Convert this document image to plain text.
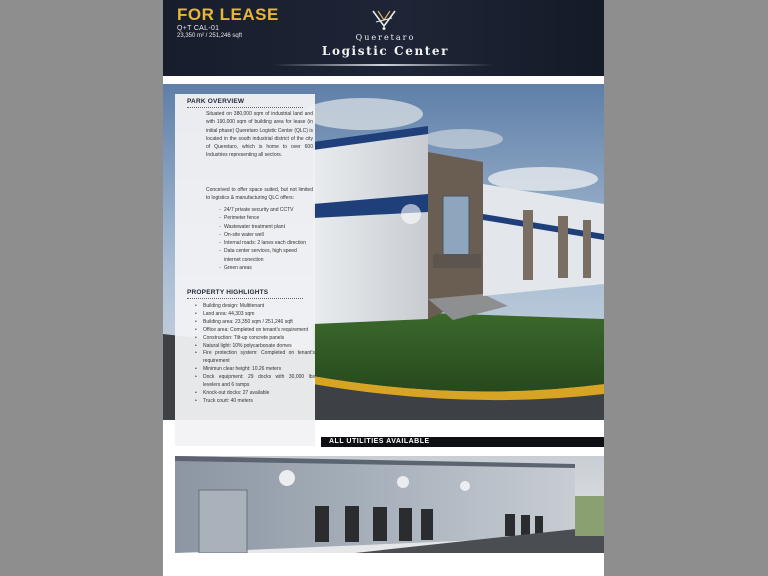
FOR LEASE
Q+T CAL-01
23,350 m² / 251,246 sqft	Queretaro
Logistic Center
PARK OVERVIEW
Situated on 380,000 sqm of industrial land and with 190,000 sqm of building area for lease (in initial phase) Queretaro Logistic Center (QLC) is located in the south industrial district of the city of Queretaro, which is home to over 600 Industries representing all sectors.
Conceived to offer space suited, but not limited to logistics & manufacturing QLC offers:
- 24/7 private security and CCTV
- Perimeter fence
- Wastewater treatment plant
- On-site water well
- Internal roads: 2 lanes each direction
- Data center services, high speed internet conection
- Green areas
PROPERTY HIGHLIGHTS
• Building design: Multitenant
• Land area: 44,303 sqm
• Building area: 23,350 sqm / 251,246 sqft
• Office area: Completed on tenant's requirement
• Construction: Tilt-up concrete panels
• Natural light: 10% polycarbonate domes
• Fire protection system: Completed on tenant's requirement
• Minimun clear height: 10.26 meters
• Dock equipment: 29 docks with 30,000 lbs levelers and 6 ramps
• Knock-out docks: 27 available
• Truck court: 40 meters
ALL UTILITIES AVAILABLE
